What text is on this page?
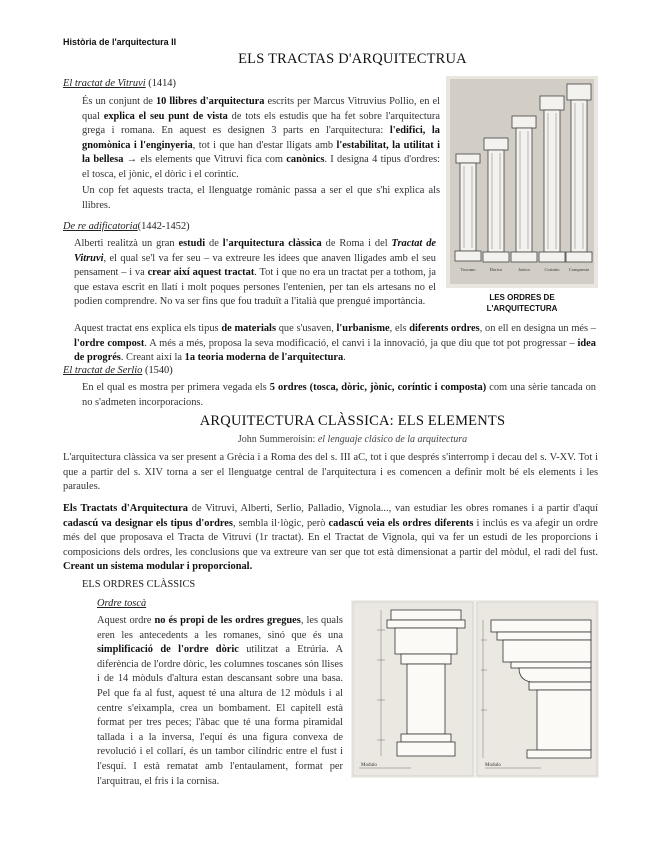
Història de l'arquitectura II
ELS TRACTAS D'ARQUITECTRUA
El tractat de Vitruvi (1414)

És un conjunt de 10 llibres d'arquitectura escrits per Marcus Vitruvius Pollio, en el qual explica el seu punt de vista de tots els estudis que ha fet sobre l'arquitectura grega i romana. En aquest es designen 3 parts en l'arquitectura: l'edifici, la gnomònica i l'enginyeria, tot i que han d'estar lligats amb l'estabilitat, la utilitat i la bellesa → els elements que Vitruvi fica com canònics. I designa 4 tipus d'ordres: el tosca, el jònic, el dòric i el corintic.

Un cop fet aquests tracta, el llenguatge romànic passa a ser el que s'hi explica als llibres.

Toscano	Dorico	Jonico	Corintio Compuesto
LES ORDRES DE
L'ARQUITECTURA
De re adificatoria(1442-1452)

Alberti realitzà un gran estudi de l'arquitectura clàssica de Roma i del Tractat de Vitruvi, el qual se'l va fer seu – va extreure les idees que anaven lligades amb el seu pensament – i va crear així aquest tractat. Tot i que no era un tractat per a tothom, ja que estava escrit en llatí i molt poques persones l'entenien, per tan els artesans no el podien comprendre. No va ser fins que fou traduït a l'italià que prengué importància.

Aquest tractat ens explica els tipus de materials que s'usaven, l'urbanisme, els diferents ordres, on ell en designa un més – l'ordre compost. A més a més, proposa la seva modificació, el canvi i la innovació, ja que diu que tot pot progressar – idea de progrés. Creant així la 1a teoria moderna de l'arquitectura.

El tractat de Serlio (1540)

En el qual es mostra per primera vegada els 5 ordres (tosca, dòric, jònic, coríntic i composta) com una sèrie tancada on no s'admeten incorporacions.

ARQUITECTURA CLÀSSICA: ELS ELEMENTS
John Summeroisin: el lenguaje clásico de la arquitectura

L'arquitectura clàssica va ser present a Grècia i a Roma des del s. III aC, tot i que després s'interromp i decau del s. V-XV. Tot i que a partir del s. XIV torna a ser el llenguatge central de l'arquitectura i es comencen a definir molt bé els elements i les paraules.

Els Tractats d'Arquitectura de Vitruvi, Alberti, Serlio, Palladio, Vignola..., van estudiar les obres romanes i a partir d'aquí cadascú va designar els tipus d'ordres, sembla il·lògic, però cadascú veia els ordres diferents i inclús es va afegir un ordre més del que proposava el Tracta de Vitruvi (1r tractat). En el Tractat de Vignola, qui va fer un estudi de les proporcions i composicions dels ordres, les conclusions que va extreure van ser que tot està dimensionat a partir del mòdul, el radi del fust. Creant un sistema modular i proporcional.

ELS ORDRES CLÀSSICS
Ordre toscà

Aquest ordre no és propi de les ordres gregues, les quals eren les antecedents a les romanes, sinó que és una simplificació de l'ordre dòric utilitzat a Etrúria. A diferència de l'ordre dòric, les columnes toscanes són llises i de 14 mòduls d'altura estan descansant sobre una basa. Pel que fa al fust, aquest té una altura de 12 mòduls i al centre s'eixampla, crea un bombament. El capitell està format per tres peces; l'àbac que té una forma piramidal tallada i a la inversa, l'equí és una figura convexa de revolució i el collarí, és un tambor cilíndric entre el fust i l'esquí. I està rematat amb l'entaulament, format per l'arquitrau, el fris i la cornisa.

Modulo	Modulo
